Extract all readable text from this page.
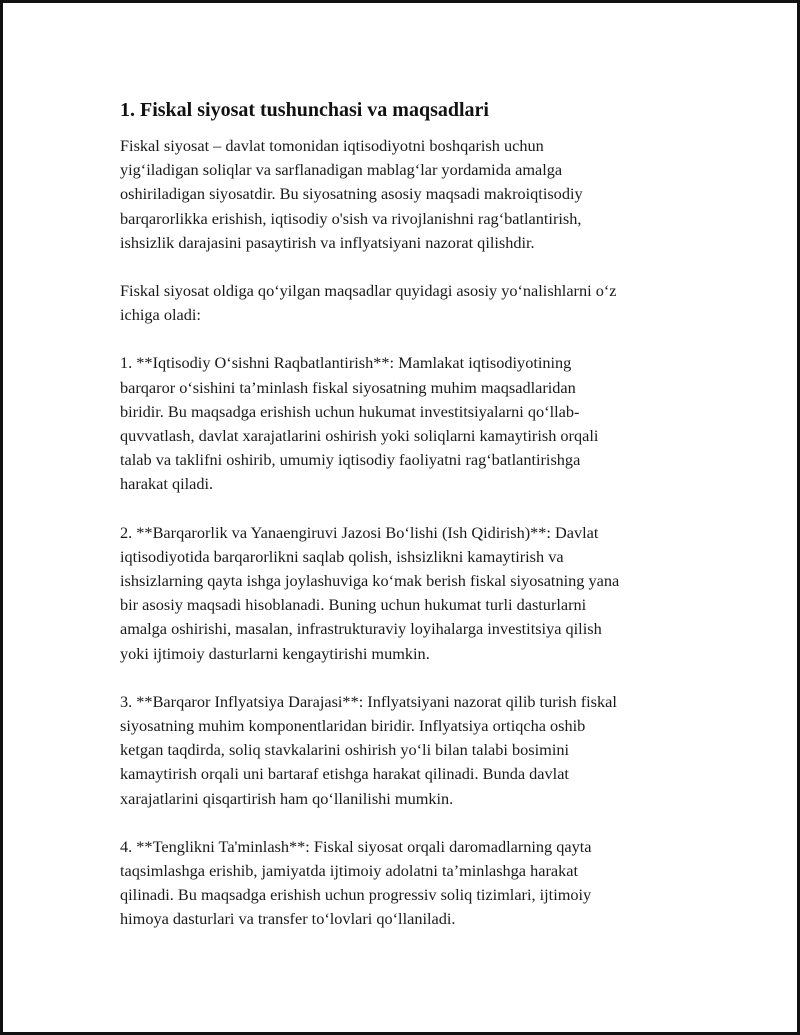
1. Fiskal siyosat tushunchasi va maqsadlari

Fiskal siyosat – davlat tomonidan iqtisodiyotni boshqarish uchun
yig‘iladigan soliqlar va sarflanadigan mablag‘lar yordamida amalga
oshiriladigan siyosatdir. Bu siyosatning asosiy maqsadi makroiqtisodiy
barqarorlikka erishish, iqtisodiy o'sish va rivojlanishni rag‘batlantirish,
ishsizlik darajasini pasaytirish va inflyatsiyani nazorat qilishdir.

Fiskal siyosat oldiga qo‘yilgan maqsadlar quyidagi asosiy yo‘nalishlarni o‘z
ichiga oladi:

1. **Iqtisodiy O‘sishni Raqbatlantirish**: Mamlakat iqtisodiyotining
barqaror o‘sishini ta’minlash fiskal siyosatning muhim maqsadlaridan
biridir. Bu maqsadga erishish uchun hukumat investitsiyalarni qo‘llab-
quvvatlash, davlat xarajatlarini oshirish yoki soliqlarni kamaytirish orqali
talab va taklifni oshirib, umumiy iqtisodiy faoliyatni rag‘batlantirishga
harakat qiladi.

2. **Barqarorlik va Yanaengiruvi Jazosi Bo‘lishi (Ish Qidirish)**: Davlat
iqtisodiyotida barqarorlikni saqlab qolish, ishsizlikni kamaytirish va
ishsizlarning qayta ishga joylashuviga ko‘mak berish fiskal siyosatning yana
bir asosiy maqsadi hisoblanadi. Buning uchun hukumat turli dasturlarni
amalga oshirishi, masalan, infrastrukturaviy loyihalarga investitsiya qilish
yoki ijtimoiy dasturlarni kengaytirishi mumkin.

3. **Barqaror Inflyatsiya Darajasi**: Inflyatsiyani nazorat qilib turish fiskal
siyosatning muhim komponentlaridan biridir. Inflyatsiya ortiqcha oshib
ketgan taqdirda, soliq stavkalarini oshirish yo‘li bilan talabi bosimini
kamaytirish orqali uni bartaraf etishga harakat qilinadi. Bunda davlat
xarajatlarini qisqartirish ham qo‘llanilishi mumkin.

4. **Tenglikni Ta'minlash**: Fiskal siyosat orqali daromadlarning qayta
taqsimlashga erishib, jamiyatda ijtimoiy adolatni ta’minlashga harakat
qilinadi. Bu maqsadga erishish uchun progressiv soliq tizimlari, ijtimoiy
himoya dasturlari va transfer to‘lovlari qo‘llaniladi.
